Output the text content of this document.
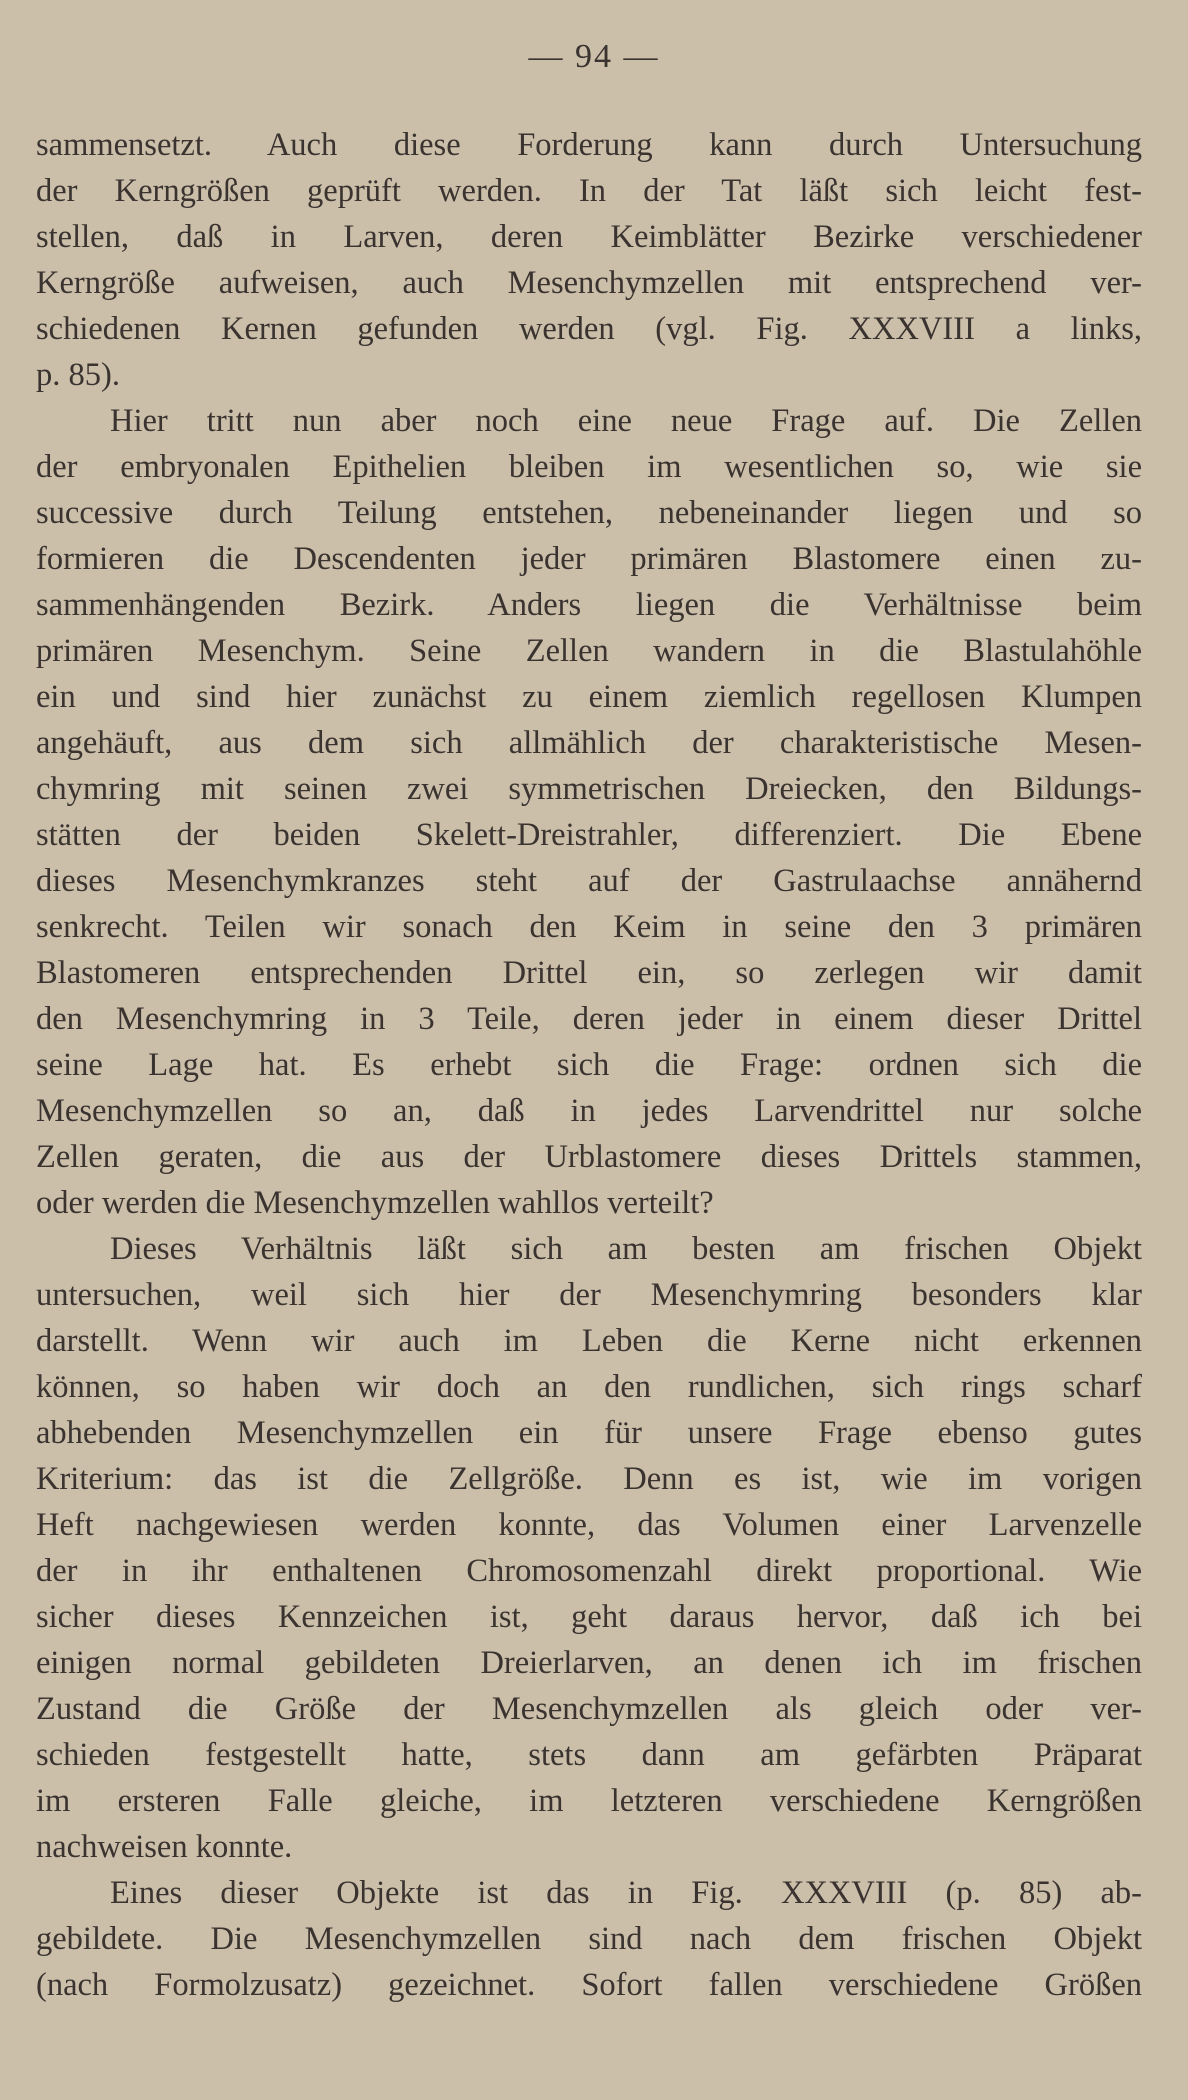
— 94 —
sammensetzt. Auch diese Forderung kann durch Untersuchung
der Kerngrößen geprüft werden. In der Tat läßt sich leicht fest-
stellen, daß in Larven, deren Keimblätter Bezirke verschiedener
Kerngröße aufweisen, auch Mesenchymzellen mit entsprechend ver-
schiedenen Kernen gefunden werden (vgl. Fig. XXXVIII a links,
p. 85).
Hier tritt nun aber noch eine neue Frage auf. Die Zellen
der embryonalen Epithelien bleiben im wesentlichen so, wie sie
successive durch Teilung entstehen, nebeneinander liegen und so
formieren die Descendenten jeder primären Blastomere einen zu-
sammenhängenden Bezirk. Anders liegen die Verhältnisse beim
primären Mesenchym. Seine Zellen wandern in die Blastulahöhle
ein und sind hier zunächst zu einem ziemlich regellosen Klumpen
angehäuft, aus dem sich allmählich der charakteristische Mesen-
chymring mit seinen zwei symmetrischen Dreiecken, den Bildungs-
stätten der beiden Skelett-Dreistrahler, differenziert. Die Ebene
dieses Mesenchymkranzes steht auf der Gastrulaachse annähernd
senkrecht. Teilen wir sonach den Keim in seine den 3 primären
Blastomeren entsprechenden Drittel ein, so zerlegen wir damit
den Mesenchymring in 3 Teile, deren jeder in einem dieser Drittel
seine Lage hat. Es erhebt sich die Frage: ordnen sich die
Mesenchymzellen so an, daß in jedes Larvendrittel nur solche
Zellen geraten, die aus der Urblastomere dieses Drittels stammen,
oder werden die Mesenchymzellen wahllos verteilt?
Dieses Verhältnis läßt sich am besten am frischen Objekt
untersuchen, weil sich hier der Mesenchymring besonders klar
darstellt. Wenn wir auch im Leben die Kerne nicht erkennen
können, so haben wir doch an den rundlichen, sich rings scharf
abhebenden Mesenchymzellen ein für unsere Frage ebenso gutes
Kriterium: das ist die Zellgröße. Denn es ist, wie im vorigen
Heft nachgewiesen werden konnte, das Volumen einer Larvenzelle
der in ihr enthaltenen Chromosomenzahl direkt proportional. Wie
sicher dieses Kennzeichen ist, geht daraus hervor, daß ich bei
einigen normal gebildeten Dreierlarven, an denen ich im frischen
Zustand die Größe der Mesenchymzellen als gleich oder ver-
schieden festgestellt hatte, stets dann am gefärbten Präparat
im ersteren Falle gleiche, im letzteren verschiedene Kerngrößen
nachweisen konnte.
Eines dieser Objekte ist das in Fig. XXXVIII (p. 85) ab-
gebildete. Die Mesenchymzellen sind nach dem frischen Objekt
(nach Formolzusatz) gezeichnet. Sofort fallen verschiedene Größen
